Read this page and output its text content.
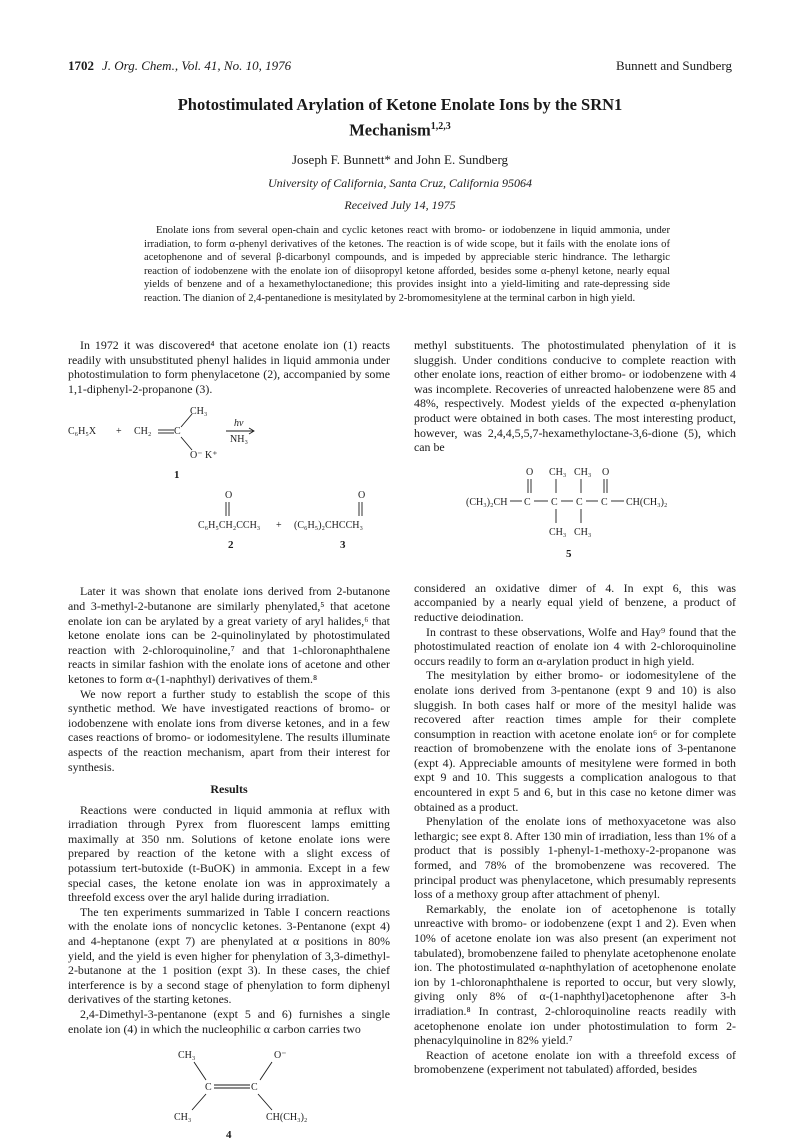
1702 J. Org. Chem., Vol. 41, No. 10, 1976	Bunnett and Sundberg
Photostimulated Arylation of Ketone Enolate Ions by the SRN1
Mechanism$^{1,2,3}$
Joseph F. Bunnett* and John E. Sundberg
University of California, Santa Cruz, California 95064
Received July 14, 1975
Enolate ions from several open-chain and cyclic ketones react with bromo- or iodobenzene in liquid ammonia, under irradiation, to form α-phenyl derivatives of the ketones. The reaction is of wide scope, but it fails with the enolate ions of acetophenone and of several β-dicarbonyl compounds, and is impeded by appreciable steric hindrance. The lethargic reaction of iodobenzene with the enolate ion of diisopropyl ketone afforded, besides some α-phenyl ketone, nearly equal yields of benzene and of a hexamethyloctanedione; this provides insight into a yield-limiting and rate-depressing side reaction. The dianion of 2,4-pentanedione is mesitylated by 2-bromomesitylene at the terminal carbon in high yield.

In 1972 it was discovered⁴ that acetone enolate ion (1) reacts readily with unsubstituted phenyl halides in liquid ammonia under photostimulation to form phenylacetone (2), accompanied by some 1,1-diphenyl-2-propanone (3).

C₆H₅X + CH₂ C
CH₃
O⁻ K⁺
hν
NH₃
1
O
C₆H₅CH₂CCH₃ +
O
(C₆H₅)₂CHCCH₃
2	3

Later it was shown that enolate ions derived from 2-butanone and 3-methyl-2-butanone are similarly phenylated,⁵ that acetone enolate ion can be arylated by a great variety of aryl halides,⁶ that ketone enolate ions can be 2-quinolinylated by photostimulated reaction with 2-chloroquinoline,⁷ and that 1-chloronaphthalene reacts in similar fashion with the enolate ions of acetone and other ketones to form α-(1-naphthyl) derivatives of them.⁸

We now report a further study to establish the scope of this synthetic method. We have investigated reactions of bromo- or iodobenzene with enolate ions from diverse ketones, and in a few cases reactions of bromo- or iodomesitylene. The results illuminate aspects of the reaction mechanism, apart from their interest for synthesis.

Results

Reactions were conducted in liquid ammonia at reflux with irradiation through Pyrex from fluorescent lamps emitting maximally at 350 nm. Solutions of ketone enolate ions were prepared by reaction of the ketone with a slight excess of potassium tert-butoxide (t-BuOK) in ammonia. Except in a few special cases, the ketone enolate ion was in approximately a threefold excess over the aryl halide during irradiation.

The ten experiments summarized in Table I concern reactions with the enolate ions of noncyclic ketones. 3-Pentanone (expt 4) and 4-heptanone (expt 7) are phenylated at α positions in 80% yield, and the yield is even higher for phenylation of 3,3-dimethyl-2-butanone at the 1 position (expt 3). In these cases, the chief interference is by a second stage of phenylation to form diphenyl derivatives of the starting ketones.

2,4-Dimethyl-3-pentanone (expt 5 and 6) furnishes a single enolate ion (4) in which the nucleophilic α carbon carries two

CH₃	O⁻
C	C
CH₃	CH(CH₃)₂
4

methyl substituents. The photostimulated phenylation of it is sluggish. Under conditions conducive to complete reaction with other enolate ions, reaction of either bromo- or iodobenzene with 4 was incomplete. Recoveries of unreacted halobenzene were 85 and 48%, respectively. Modest yields of the expected α-phenylation product were obtained in both cases. The most interesting product, however, was 2,4,4,5,5,7-hexamethyloctane-3,6-dione (5), which can be

O CH₃ CH₃ O
(CH₃)₂CH C C C C CH(CH₃)₂
CH₃ CH₃
5

considered an oxidative dimer of 4. In expt 6, this was accompanied by a nearly equal yield of benzene, a product of reductive deiodination.

In contrast to these observations, Wolfe and Hay⁹ found that the photostimulated reaction of enolate ion 4 with 2-chloroquinoline occurs readily to form an α-arylation product in high yield.

The mesitylation by either bromo- or iodomesitylene of the enolate ions derived from 3-pentanone (expt 9 and 10) is also sluggish. In both cases half or more of the mesityl halide was recovered after reaction times ample for their complete consumption in reaction with acetone enolate ion⁶ or for complete reaction of bromobenzene with the enolate ions of 3-pentanone (expt 4). Appreciable amounts of mesitylene were formed in both expt 9 and 10. This suggests a complication analogous to that encountered in expt 5 and 6, but in this case no ketone dimer was obtained as a product.

Phenylation of the enolate ions of methoxyacetone was also lethargic; see expt 8. After 130 min of irradiation, less than 1% of a product that is possibly 1-phenyl-1-methoxy-2-propanone was formed, and 78% of the bromobenzene was recovered. The principal product was phenylacetone, which presumably represents loss of a methoxy group after attachment of phenyl.

Remarkably, the enolate ion of acetophenone is totally unreactive with bromo- or iodobenzene (expt 1 and 2). Even when 10% of acetone enolate ion was also present (an experiment not tabulated), bromobenzene failed to phenylate acetophenone enolate ion. The photostimulated α-naphthylation of acetophenone enolate ion by 1-chloronaphthalene is reported to occur, but very slowly, giving only 8% of α-(1-naphthyl)acetophenone after 3-h irradiation.⁸ In contrast, 2-chloroquinoline reacts readily with acetophenone enolate ion under photostimulation to form 2-phenacylquinoline in 82% yield.⁷

Reaction of acetone enolate ion with a threefold excess of bromobenzene (experiment not tabulated) afforded, besides
